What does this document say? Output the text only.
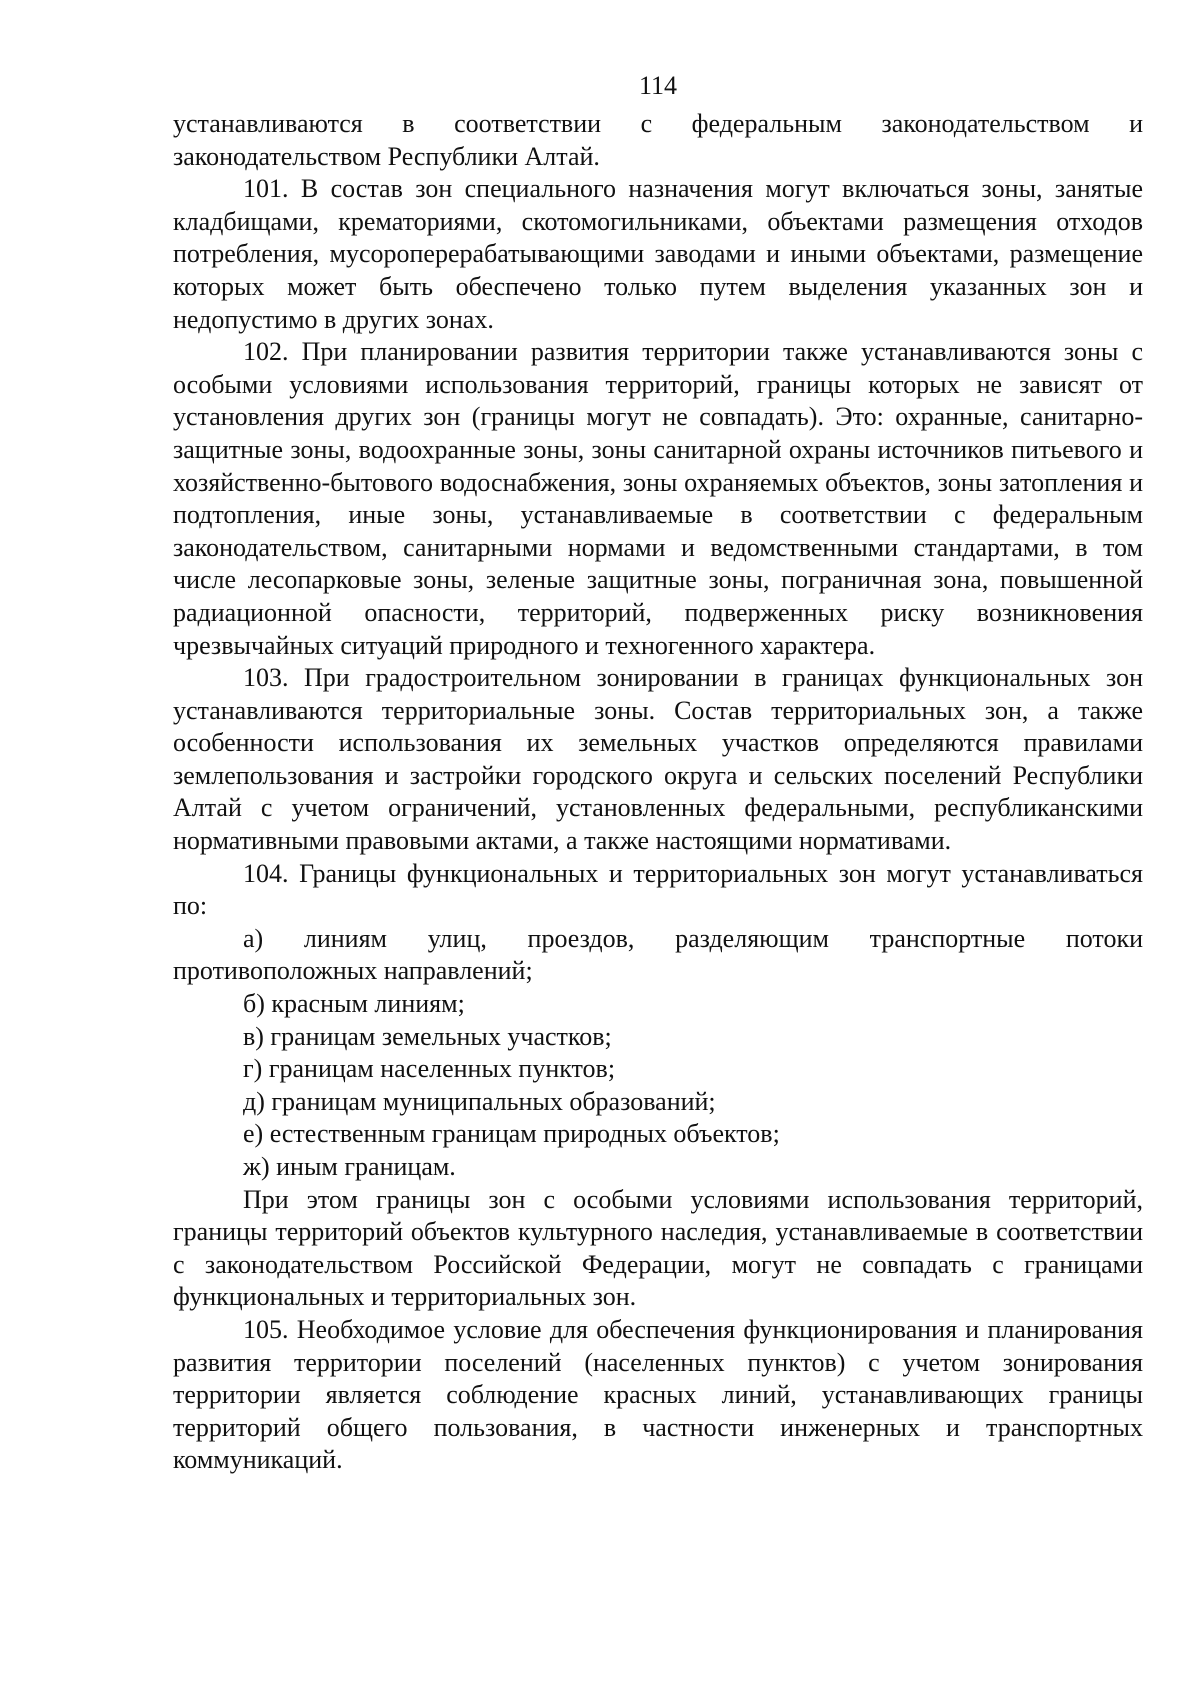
114

устанавливаются в соответствии с федеральным законодательством и законодательством Республики Алтай.

101. В состав зон специального назначения могут включаться зоны, занятые кладбищами, крематориями, скотомогильниками, объектами размещения отходов потребления, мусороперерабатывающими заводами и иными объектами, размещение которых может быть обеспечено только путем выделения указанных зон и недопустимо в других зонах.

102. При планировании развития территории также устанавливаются зоны с особыми условиями использования территорий, границы которых не зависят от установления других зон (границы могут не совпадать). Это: охранные, санитарно-защитные зоны, водоохранные зоны, зоны санитарной охраны источников питьевого и хозяйственно-бытового водоснабжения, зоны охраняемых объектов, зоны затопления и подтопления, иные зоны, устанавливаемые в соответствии с федеральным законодательством, санитарными нормами и ведомственными стандартами, в том числе лесопарковые зоны, зеленые защитные зоны, пограничная зона, повышенной радиационной опасности, территорий, подверженных риску возникновения чрезвычайных ситуаций природного и техногенного характера.

103. При градостроительном зонировании в границах функциональных зон устанавливаются территориальные зоны. Состав территориальных зон, а также особенности использования их земельных участков определяются правилами землепользования и застройки городского округа и сельских поселений Республики Алтай с учетом ограничений, установленных федеральными, республиканскими нормативными правовыми актами, а также настоящими нормативами.

104. Границы функциональных и территориальных зон могут устанавливаться по:

а) линиям улиц, проездов, разделяющим транспортные потоки противоположных направлений;

б) красным линиям;

в) границам земельных участков;

г) границам населенных пунктов;

д) границам муниципальных образований;

е) естественным границам природных объектов;

ж) иным границам.

При этом границы зон с особыми условиями использования территорий, границы территорий объектов культурного наследия, устанавливаемые в соответствии с законодательством Российской Федерации, могут не совпадать с границами функциональных и территориальных зон.

105. Необходимое условие для обеспечения функционирования и планирования развития территории поселений (населенных пунктов) с учетом зонирования территории является соблюдение красных линий, устанавливающих границы территорий общего пользования, в частности инженерных и транспортных коммуникаций.
